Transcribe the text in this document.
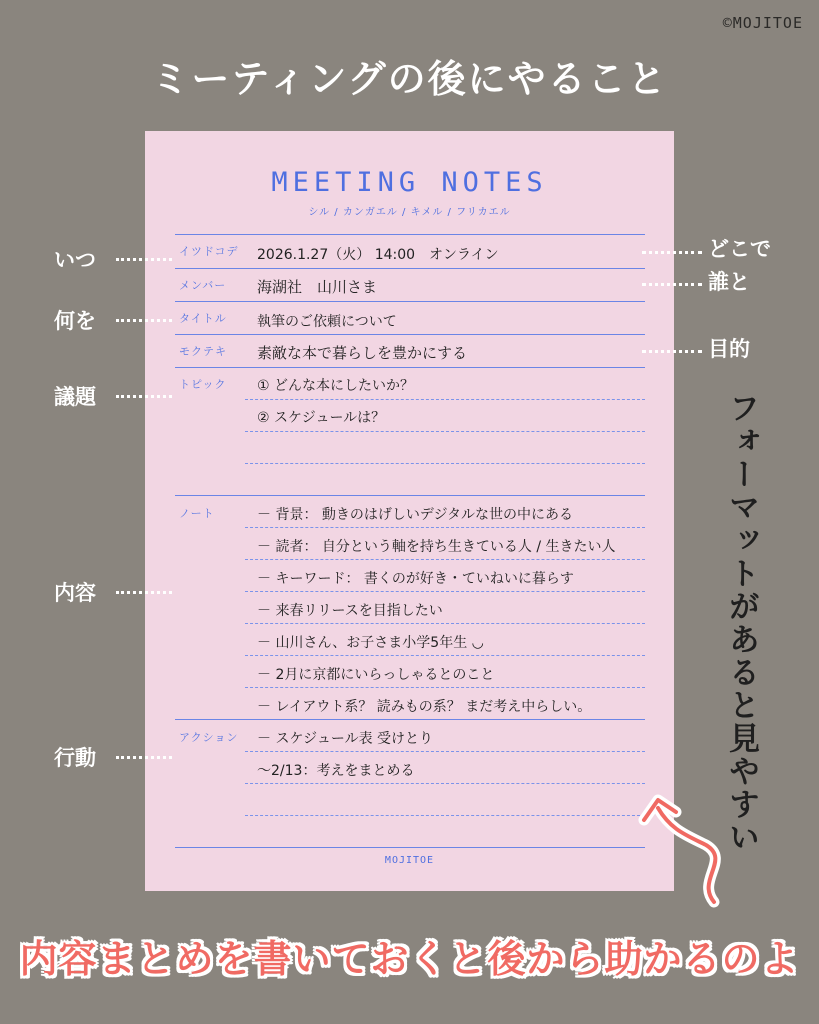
©MOJITOE
ミーティングの後にやること
MEETING NOTES
シル / カンガエル / キメル / フリカエル
イツドコデ
メンバー
タイトル
モクテキ
トピック
ノート
アクション
2026.1.27（火） 14:00　オンライン
海湖社　山川さま
執筆のご依頼について
素敵な本で暮らしを豊かにする
① どんな本にしたいか？
② スケジュールは？
－ 背景： 動きのはげしいデジタルな世の中にある
－ 読者： 自分という軸を持ち生きている人 / 生きたい人
－ キーワード： 書くのが好き・ていねいに暮らす
－ 来春リリースを目指したい
－ 山川さん、お子さま小学5年生 ◡
－ 2月に京都にいらっしゃるとのこと
－ レイアウト系？ 読みもの系？ まだ考え中らしい。
－ スケジュール表 受けとり
～2/13：考えをまとめる
MOJITOE
いつ
何を
議題
内容
行動
どこで
誰と
目的
フォーマットがあると見やすい
内容まとめを書いておくと後から助かるのよ
